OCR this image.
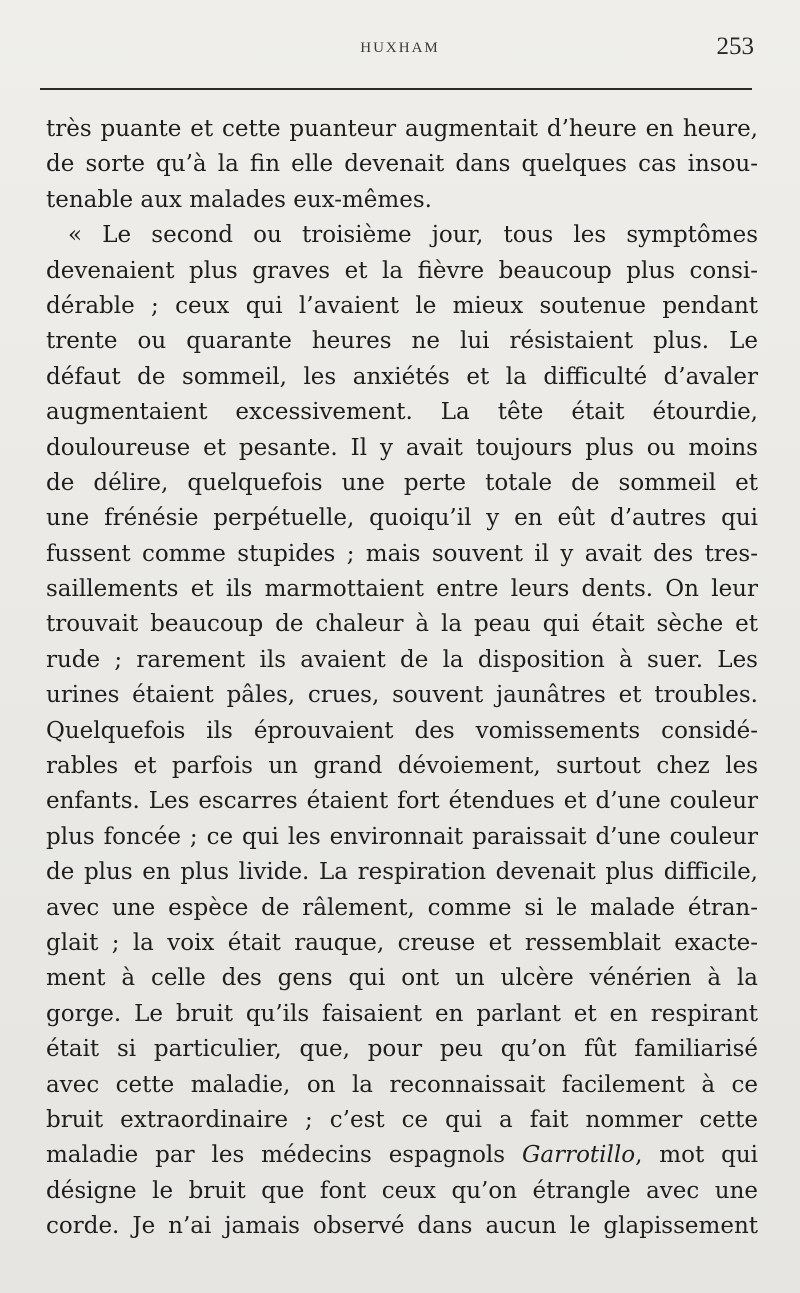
HUXHAM	253
très puante et cette puanteur augmentait d’heure en heure,
de sorte qu’à la fin elle devenait dans quelques cas insou-
tenable aux malades eux-mêmes.
« Le second ou troisième jour, tous les symptômes
devenaient plus graves et la fièvre beaucoup plus consi-
dérable ; ceux qui l’avaient le mieux soutenue pendant
trente ou quarante heures ne lui résistaient plus. Le
défaut de sommeil, les anxiétés et la difficulté d’avaler
augmentaient excessivement. La tête était étourdie,
douloureuse et pesante. Il y avait toujours plus ou moins
de délire, quelquefois une perte totale de sommeil et
une frénésie perpétuelle, quoiqu’il y en eût d’autres qui
fussent comme stupides ; mais souvent il y avait des tres-
saillements et ils marmottaient entre leurs dents. On leur
trouvait beaucoup de chaleur à la peau qui était sèche et
rude ; rarement ils avaient de la disposition à suer. Les
urines étaient pâles, crues, souvent jaunâtres et troubles.
Quelquefois ils éprouvaient des vomissements considé-
rables et parfois un grand dévoiement, surtout chez les
enfants. Les escarres étaient fort étendues et d’une couleur
plus foncée ; ce qui les environnait paraissait d’une couleur
de plus en plus livide. La respiration devenait plus difficile,
avec une espèce de râlement, comme si le malade étran-
glait ; la voix était rauque, creuse et ressemblait exacte-
ment à celle des gens qui ont un ulcère vénérien à la
gorge. Le bruit qu’ils faisaient en parlant et en respirant
était si particulier, que, pour peu qu’on fût familiarisé
avec cette maladie, on la reconnaissait facilement à ce
bruit extraordinaire ; c’est ce qui a fait nommer cette
maladie par les médecins espagnols Garrotillo, mot qui
désigne le bruit que font ceux qu’on étrangle avec une
corde. Je n’ai jamais observé dans aucun le glapissement
